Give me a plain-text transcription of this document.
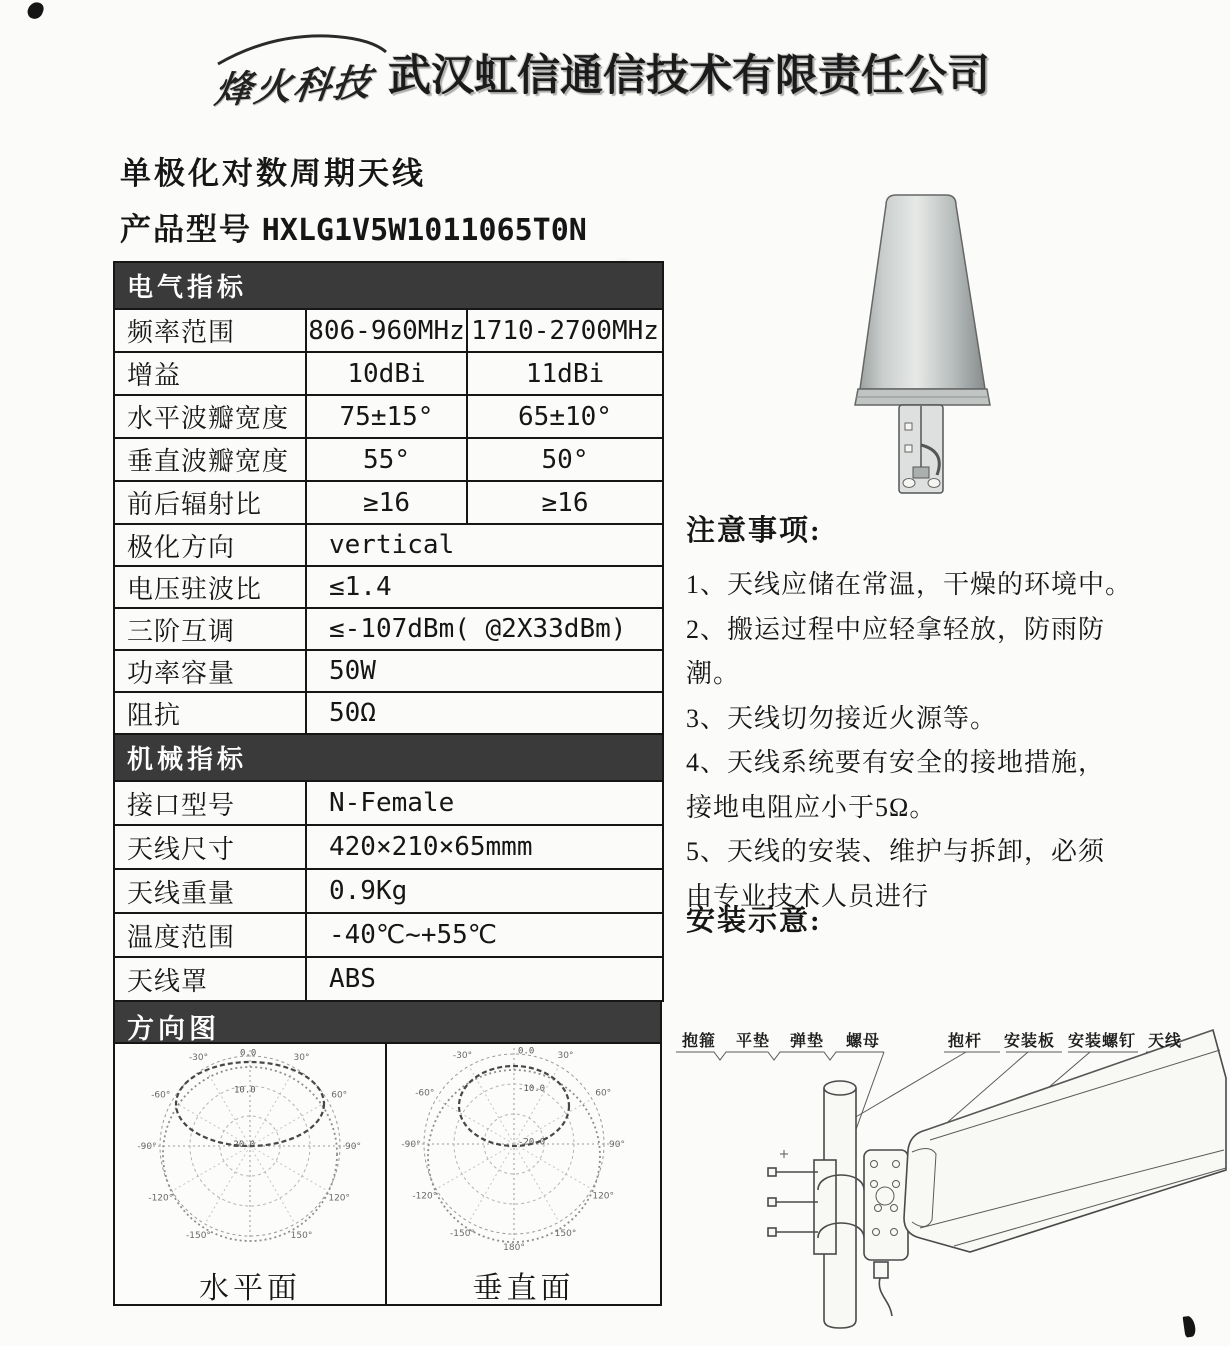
烽火科技 武汉虹信通信技术有限责任公司
单极化对数周期天线
产品型号 HXLG1V5W1011065T0N
电气指标		
频率范围	806-960MHz	1710-2700MHz
增益	10dBi	11dBi
水平波瓣宽度	75±15°	65±10°
垂直波瓣宽度	55°	50°
前后辐射比	≥16	≥16
极化方向	vertical	
电压驻波比	≤1.4	
三阶互调	≤-107dBm( @2X33dBm)	
功率容量	50W	
阻抗	50Ω	
机械指标		
接口型号	N-Female	
天线尺寸	420×210×65mmm	
天线重量	0.9Kg	
温度范围	-40℃~+55℃	
天线罩	ABS	
方向图
-30°	30°
-60°	60°
-90°	90°
-120°	120°
-150°	150°
0.0
10.0
-20.0
水平面
-30°	30°
-60°	60°
-90°	90°
-120°	120°
-150°	150°
180°
0.0
-10.0
-20.0
垂直面
注意事项:
1、天线应储在常温，干燥的环境中。
2、搬运过程中应轻拿轻放，防雨防
潮。
3、天线切勿接近火源等。
4、天线系统要有安全的接地措施，
接地电阻应小于5Ω。
5、天线的安装、维护与拆卸，必须
由专业技术人员进行
安装示意:
抱箍 平垫 弹垫 螺母	抱杆 安装板 安装螺钉 天线
